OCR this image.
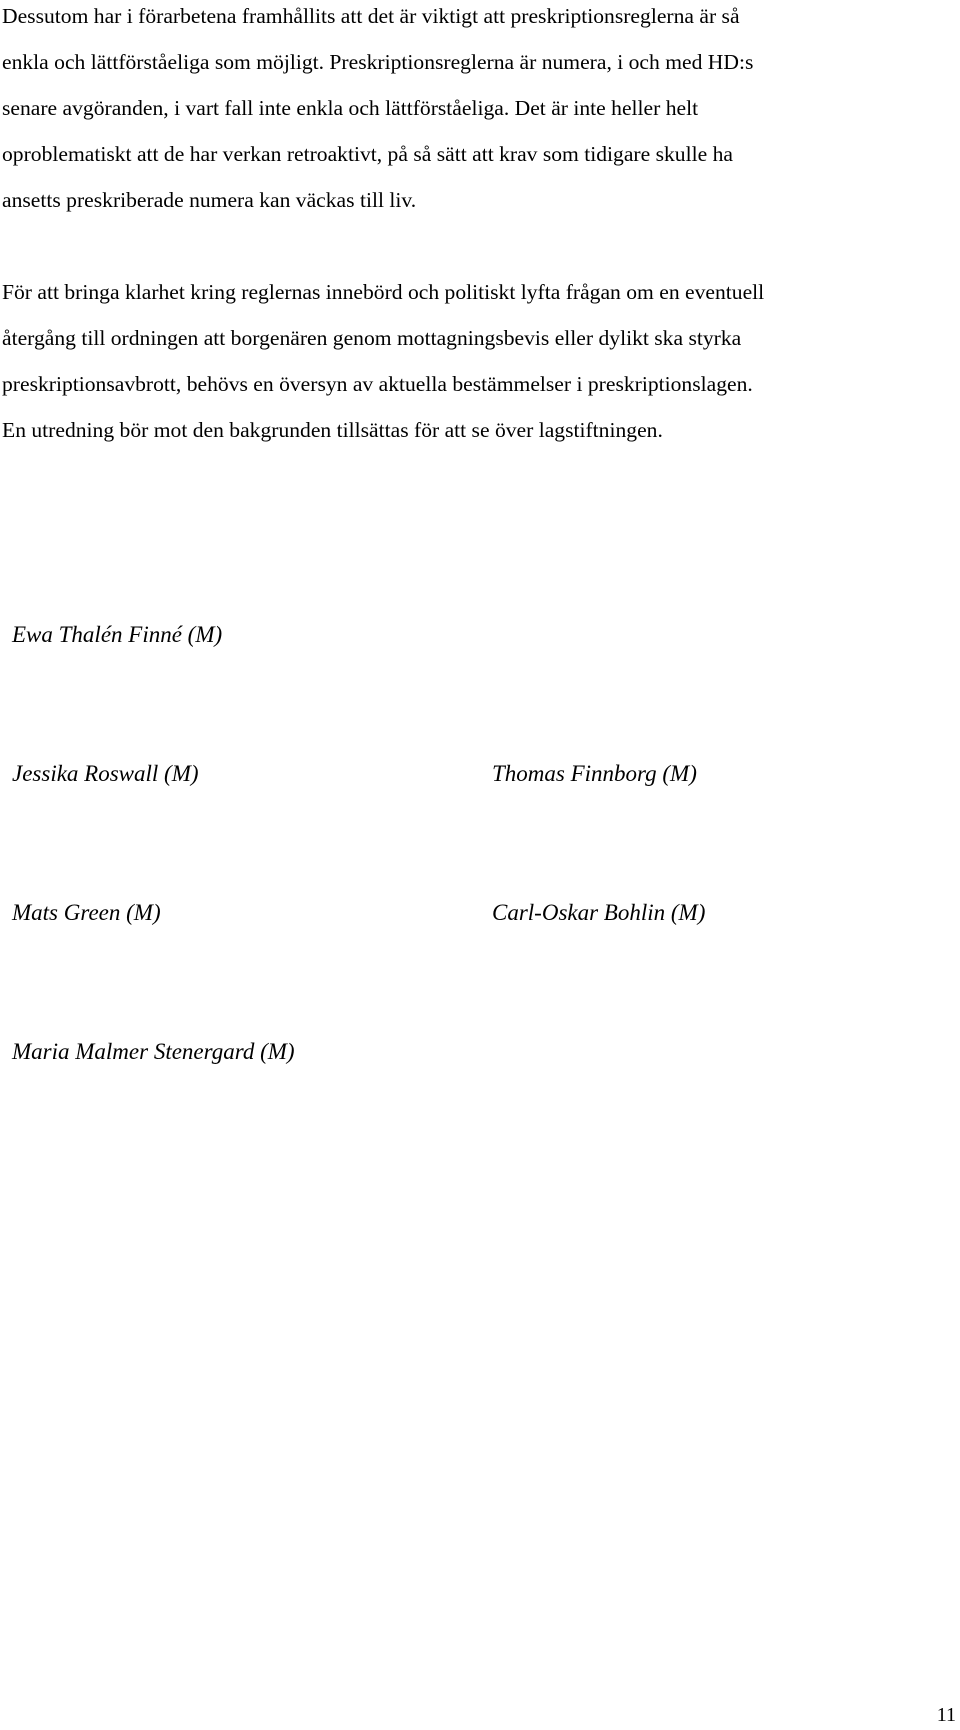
Dessutom har i förarbetena framhållits att det är viktigt att preskriptionsreglerna är så
enkla och lättförståeliga som möjligt. Preskriptionsreglerna är numera, i och med HD:s
senare avgöranden, i vart fall inte enkla och lättförståeliga. Det är inte heller helt
oproblematiskt att de har verkan retroaktivt, på så sätt att krav som tidigare skulle ha
ansetts preskriberade numera kan väckas till liv.

För att bringa klarhet kring reglernas innebörd och politiskt lyfta frågan om en eventuell
återgång till ordningen att borgenären genom mottagningsbevis eller dylikt ska styrka
preskriptionsavbrott, behövs en översyn av aktuella bestämmelser i preskriptionslagen.
En utredning bör mot den bakgrunden tillsättas för att se över lagstiftningen.

Ewa Thalén Finné (M)

Jessika Roswall (M)	Thomas Finnborg (M)

Mats Green (M)	Carl-Oskar Bohlin (M)

Maria Malmer Stenergard (M)

11
